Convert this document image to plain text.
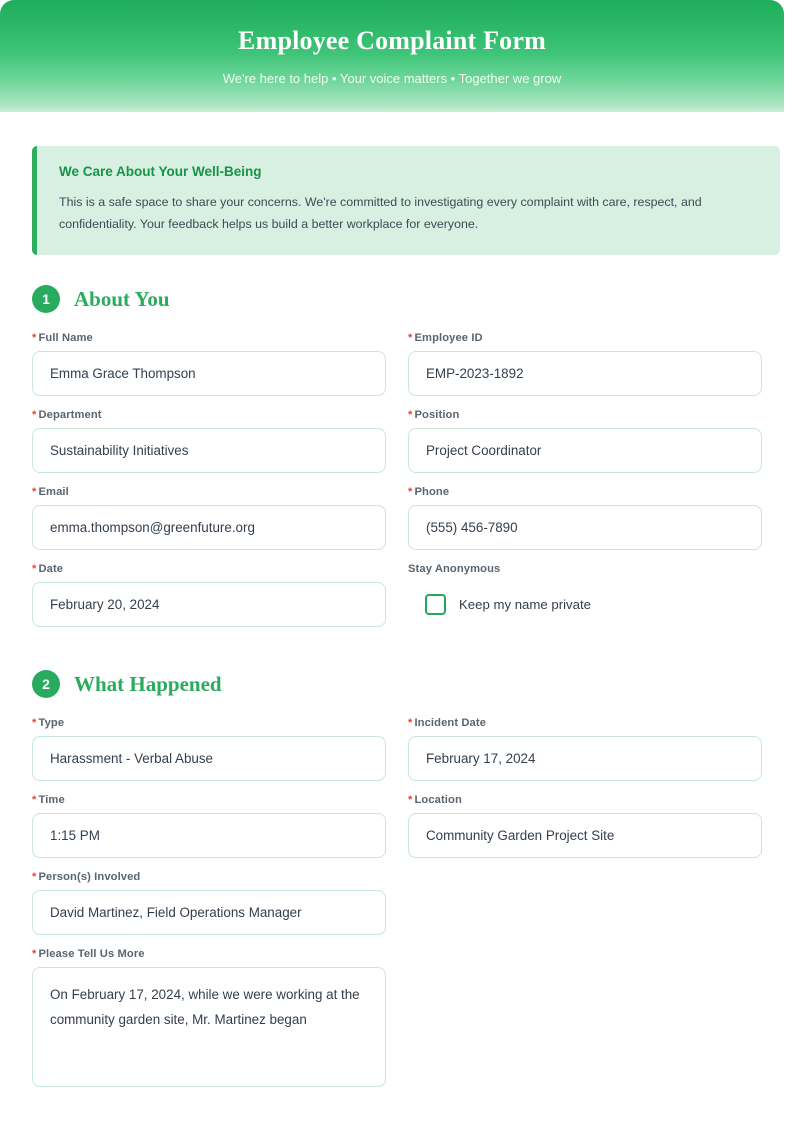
Employee Complaint Form
We're here to help • Your voice matters • Together we grow
We Care About Your Well-Being
This is a safe space to share your concerns. We're committed to investigating every complaint with care, respect, and confidentiality. Your feedback helps us build a better workplace for everyone.
1	About You
* Full Name
Emma Grace Thompson
* Employee ID
EMP-2023-1892
* Department
Sustainability Initiatives
* Position
Project Coordinator
* Email
emma.thompson@greenfuture.org
* Phone
(555) 456-7890
* Date
February 20, 2024
Stay Anonymous
Keep my name private
2	What Happened
* Type
Harassment - Verbal Abuse
* Incident Date
February 17, 2024
* Time
1:15 PM
* Location
Community Garden Project Site
* Person(s) Involved
David Martinez, Field Operations Manager
* Please Tell Us More
On February 17, 2024, while we were working at the community garden site, Mr. Martinez began
